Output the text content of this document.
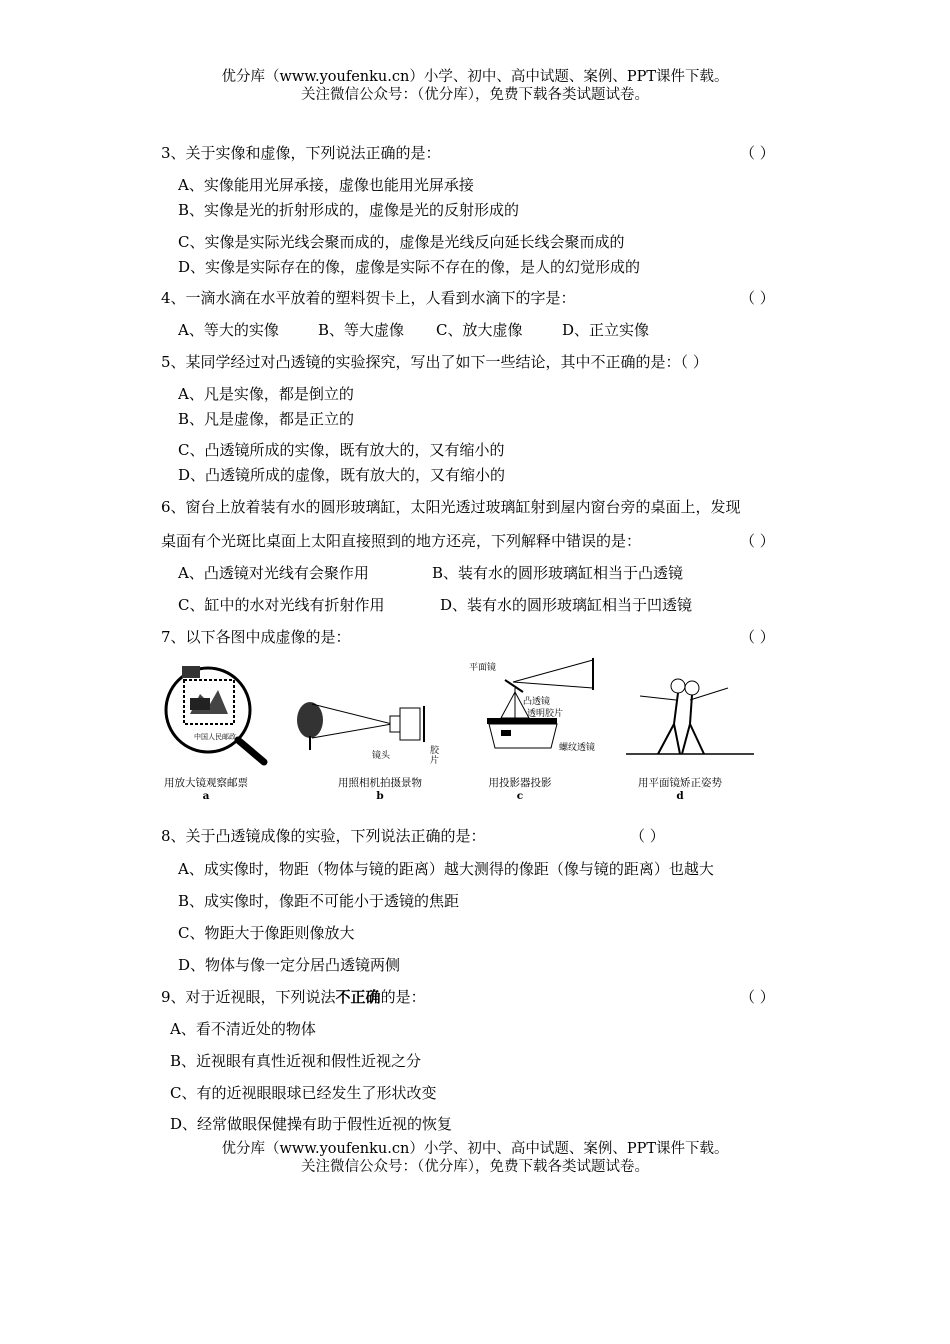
优分库（www.youfenku.cn）小学、初中、高中试题、案例、PPT课件下载。
关注微信公众号：（优分库），免费下载各类试题试卷。
3、关于实像和虚像，下列说法正确的是：	（ ）
A、实像能用光屏承接，虚像也能用光屏承接
B、实像是光的折射形成的，虚像是光的反射形成的
C、实像是实际光线会聚而成的，虚像是光线反向延长线会聚而成的
D、实像是实际存在的像，虚像是实际不存在的像，是人的幻觉形成的
4、一滴水滴在水平放着的塑料贺卡上，人看到水滴下的字是：	（ ）
A、等大的实像	B、等大虚像 C、放大虚像	D、正立实像
5、某同学经过对凸透镜的实验探究，写出了如下一些结论，其中不正确的是：（ ）
A、凡是实像，都是倒立的
B、凡是虚像，都是正立的
C、凸透镜所成的实像，既有放大的，又有缩小的
D、凸透镜所成的虚像，既有放大的，又有缩小的
6、窗台上放着装有水的圆形玻璃缸，太阳光透过玻璃缸射到屋内窗台旁的桌面上，发现
桌面有个光斑比桌面上太阳直接照到的地方还亮，下列解释中错误的是：	（ ）
A、凸透镜对光线有会聚作用	B、装有水的圆形玻璃缸相当于凸透镜
C、缸中的水对光线有折射作用	D、装有水的圆形玻璃缸相当于凹透镜
7、以下各图中成虚像的是：	（ ）
中国人民邮政
用放大镜观察邮票
a
镜头	胶片
用照相机拍摄景物
b
平面镜
凸透镜
透明胶片
螺纹透镜
用投影器投影
c
用平面镜矫正姿势
d
8、关于凸透镜成像的实验，下列说法正确的是：	（ ）
A、成实像时，物距（物体与镜的距离）越大测得的像距（像与镜的距离）也越大
B、成实像时，像距不可能小于透镜的焦距
C、物距大于像距则像放大
D、物体与像一定分居凸透镜两侧
9、对于近视眼，下列说法不正确的是：	（ ）
A、看不清近处的物体
B、近视眼有真性近视和假性近视之分
C、有的近视眼眼球已经发生了形状改变
D、经常做眼保健操有助于假性近视的恢复
优分库（www.youfenku.cn）小学、初中、高中试题、案例、PPT课件下载。
关注微信公众号：（优分库），免费下载各类试题试卷。
